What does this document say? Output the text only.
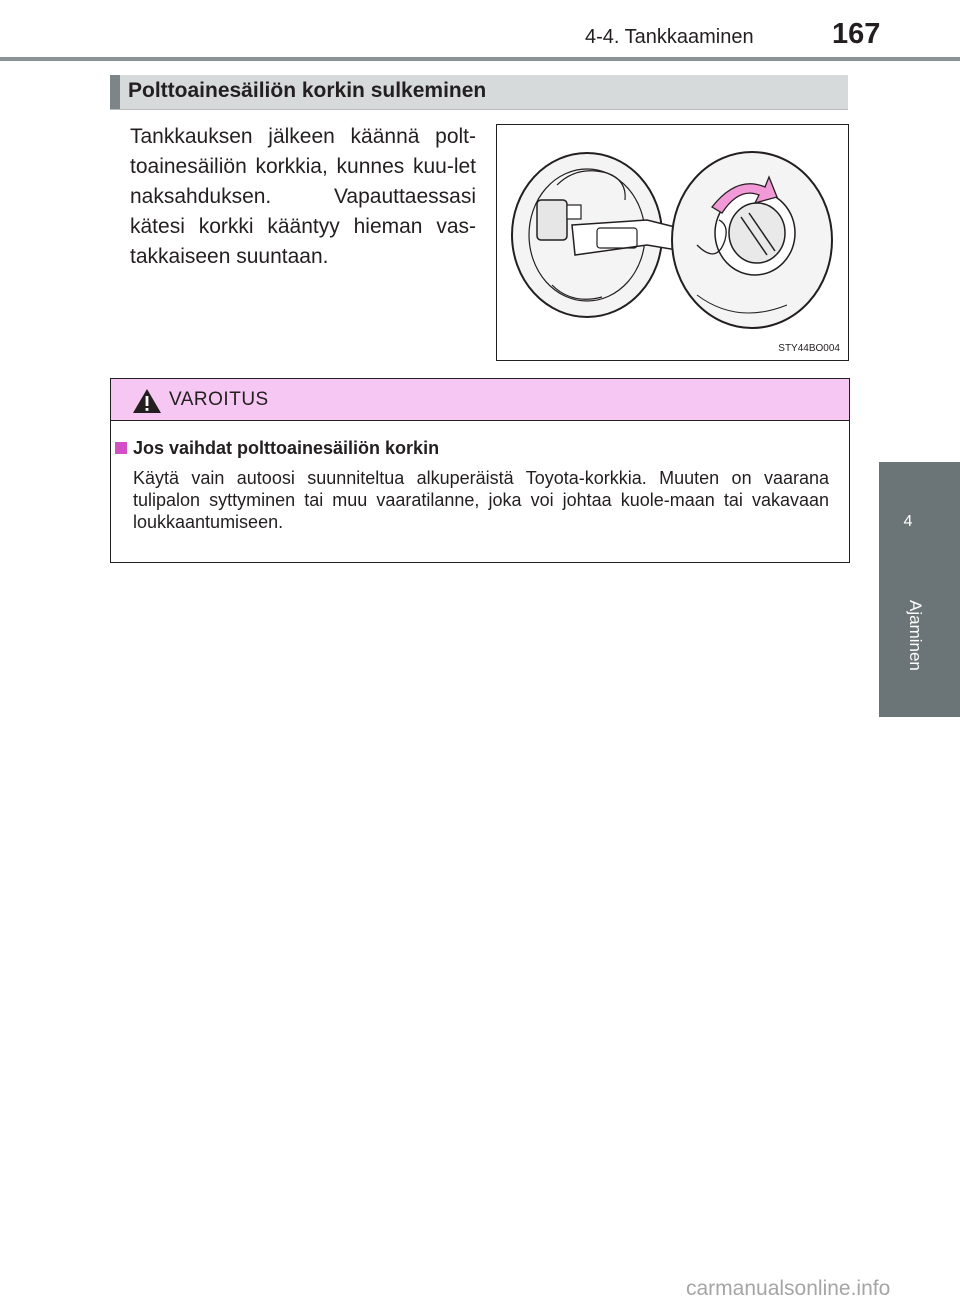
4-4. Tankkaaminen	167
4
Ajaminen
Polttoainesäiliön korkin sulkeminen
Tankkauksen jälkeen käännä polt-toainesäiliön korkkia, kunnes kuu-let naksahduksen. Vapauttaessasi kätesi korkki kääntyy hieman vas-takkaiseen suuntaan.
STY44BO004
VAROITUS
Jos vaihdat polttoainesäiliön korkin
Käytä vain autoosi suunniteltua alkuperäistä Toyota-korkkia. Muuten on vaarana tulipalon syttyminen tai muu vaaratilanne, joka voi johtaa kuole-maan tai vakavaan loukkaantumiseen.
carmanualsonline.info
